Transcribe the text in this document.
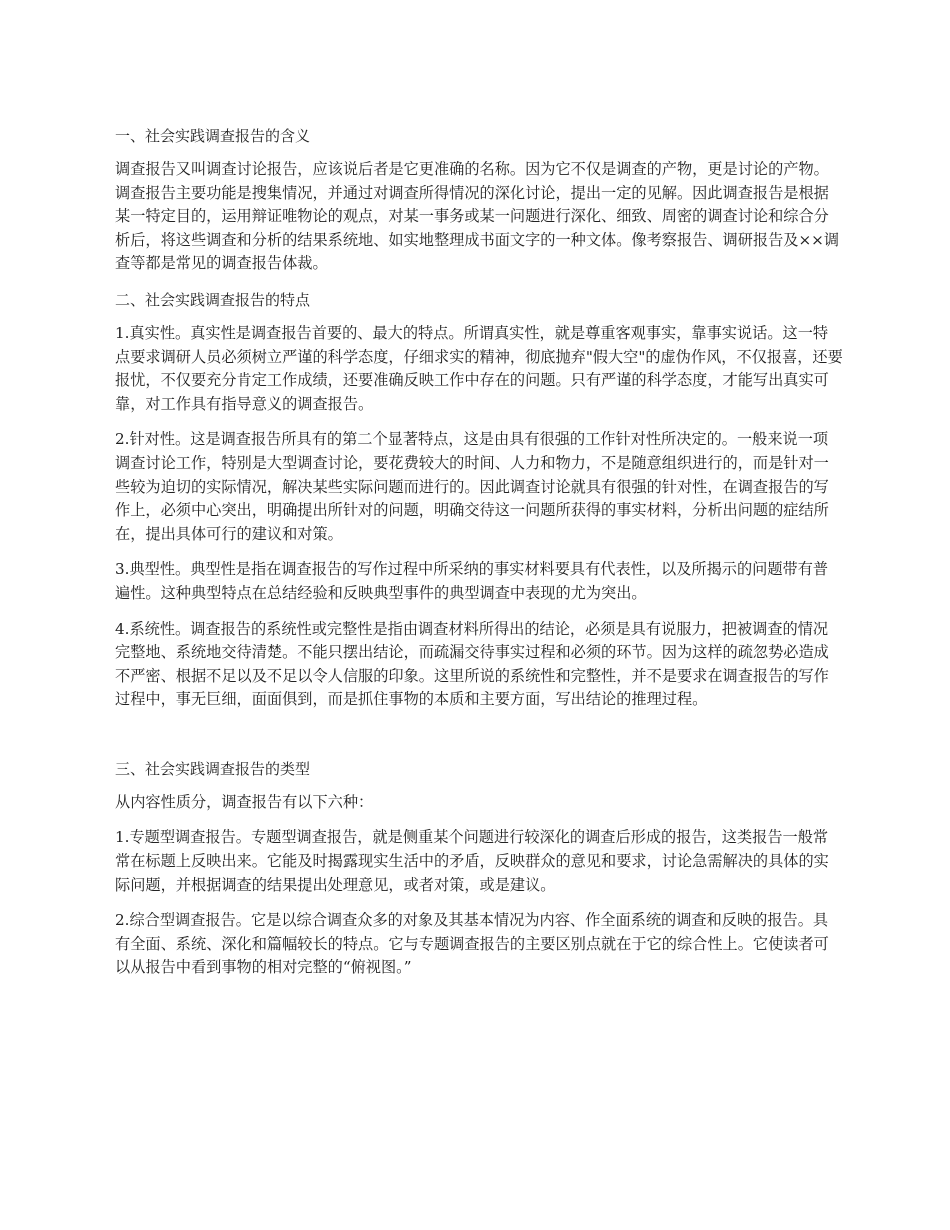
一、社会实践调查报告的含义

调查报告又叫调查讨论报告，应该说后者是它更准确的名称。因为它不仅是调查的产物，更是讨论的产物。调查报告主要功能是搜集情况，并通过对调查所得情况的深化讨论，提出一定的见解。因此调查报告是根据某一特定目的，运用辩证唯物论的观点，对某一事务或某一问题进行深化、细致、周密的调查讨论和综合分析后，将这些调查和分析的结果系统地、如实地整理成书面文字的一种文体。像考察报告、调研报告及××调查等都是常见的调查报告体裁。

二、社会实践调查报告的特点

1.真实性。真实性是调查报告首要的、最大的特点。所谓真实性，就是尊重客观事实，靠事实说话。这一特点要求调研人员必须树立严谨的科学态度，仔细求实的精神，彻底抛弃"假大空"的虚伪作风，不仅报喜，还要报忧，不仅要充分肯定工作成绩，还要准确反映工作中存在的问题。只有严谨的科学态度，才能写出真实可靠，对工作具有指导意义的调查报告。

2.针对性。这是调查报告所具有的第二个显著特点，这是由具有很强的工作针对性所决定的。一般来说一项调查讨论工作，特别是大型调查讨论，要花费较大的时间、人力和物力，不是随意组织进行的，而是针对一些较为迫切的实际情况，解决某些实际问题而进行的。因此调查讨论就具有很强的针对性，在调查报告的写作上，必须中心突出，明确提出所针对的问题，明确交待这一问题所获得的事实材料，分析出问题的症结所在，提出具体可行的建议和对策。

3.典型性。典型性是指在调查报告的写作过程中所采纳的事实材料要具有代表性，以及所揭示的问题带有普遍性。这种典型特点在总结经验和反映典型事件的典型调查中表现的尤为突出。

4.系统性。调查报告的系统性或完整性是指由调查材料所得出的结论，必须是具有说服力，把被调查的情况完整地、系统地交待清楚。不能只摆出结论，而疏漏交待事实过程和必须的环节。因为这样的疏忽势必造成不严密、根据不足以及不足以令人信服的印象。这里所说的系统性和完整性，并不是要求在调查报告的写作过程中，事无巨细，面面俱到，而是抓住事物的本质和主要方面，写出结论的推理过程。

三、社会实践调查报告的类型

从内容性质分，调查报告有以下六种：

1.专题型调查报告。专题型调查报告，就是侧重某个问题进行较深化的调查后形成的报告，这类报告一般常常在标题上反映出来。它能及时揭露现实生活中的矛盾，反映群众的意见和要求，讨论急需解决的具体的实际问题，并根据调查的结果提出处理意见，或者对策，或是建议。

2.综合型调查报告。它是以综合调查众多的对象及其基本情况为内容、作全面系统的调查和反映的报告。具有全面、系统、深化和篇幅较长的特点。它与专题调查报告的主要区别点就在于它的综合性上。它使读者可以从报告中看到事物的相对完整的“俯视图。”
